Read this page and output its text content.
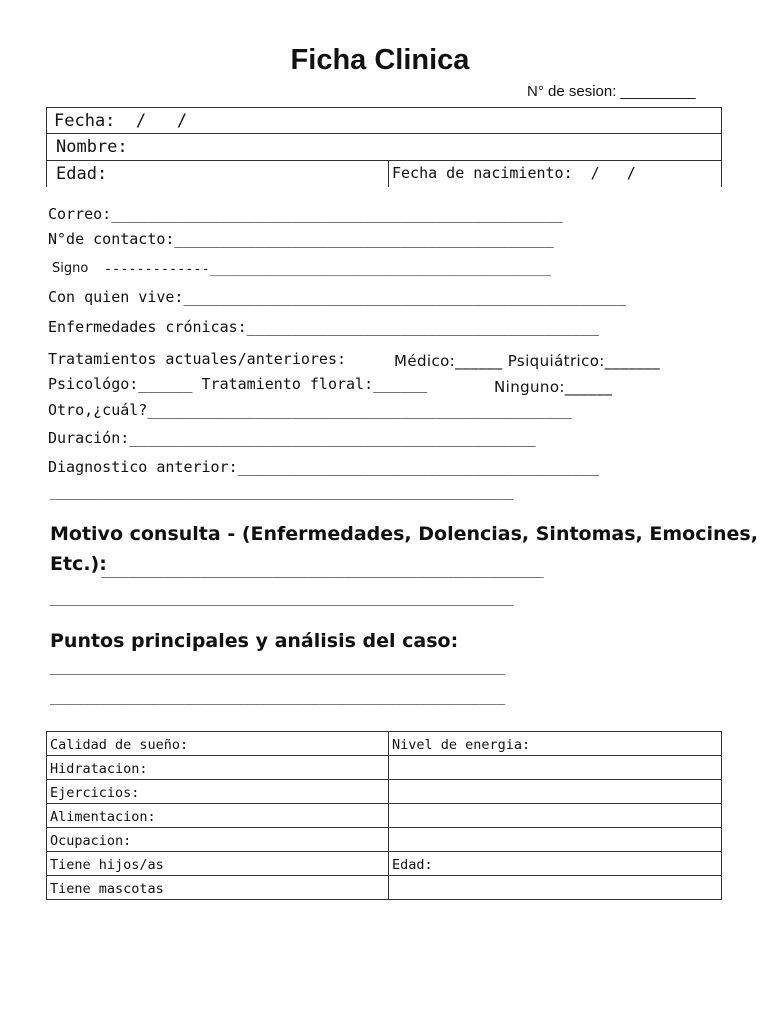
Ficha Clinica
N° de sesion: _________
Fecha:  /   /
Nombre:
Edad:	Fecha de nacimiento:  /   /
Correo:__________________________________________________
N°de contacto:__________________________________________
Signo -------------__________________________________________
Con quien vive:_________________________________________________
Enfermedades crónicas:_______________________________________
Tratamientos actuales/anteriores:	Médico:______ Psiquiátrico:_______
Psicológo:______ Tratamiento floral:______	Ninguno:______
Otro,¿cuál?_______________________________________________
Duración:_____________________________________________
Diagnostico anterior:________________________________________
_______________________________________________________
Motivo consulta - (Enfermedades, Dolencias, Sintomas, Emocines,
Etc.):
_________________________________________________
_______________________________________________________
Puntos principales y análisis del caso:
______________________________________________________
______________________________________________________
Calidad de sueño:	Nivel de energia:
Hidratacion:	
Ejercicios:	
Alimentacion:	
Ocupacion:	
Tiene hijos/as	Edad:
Tiene mascotas	
